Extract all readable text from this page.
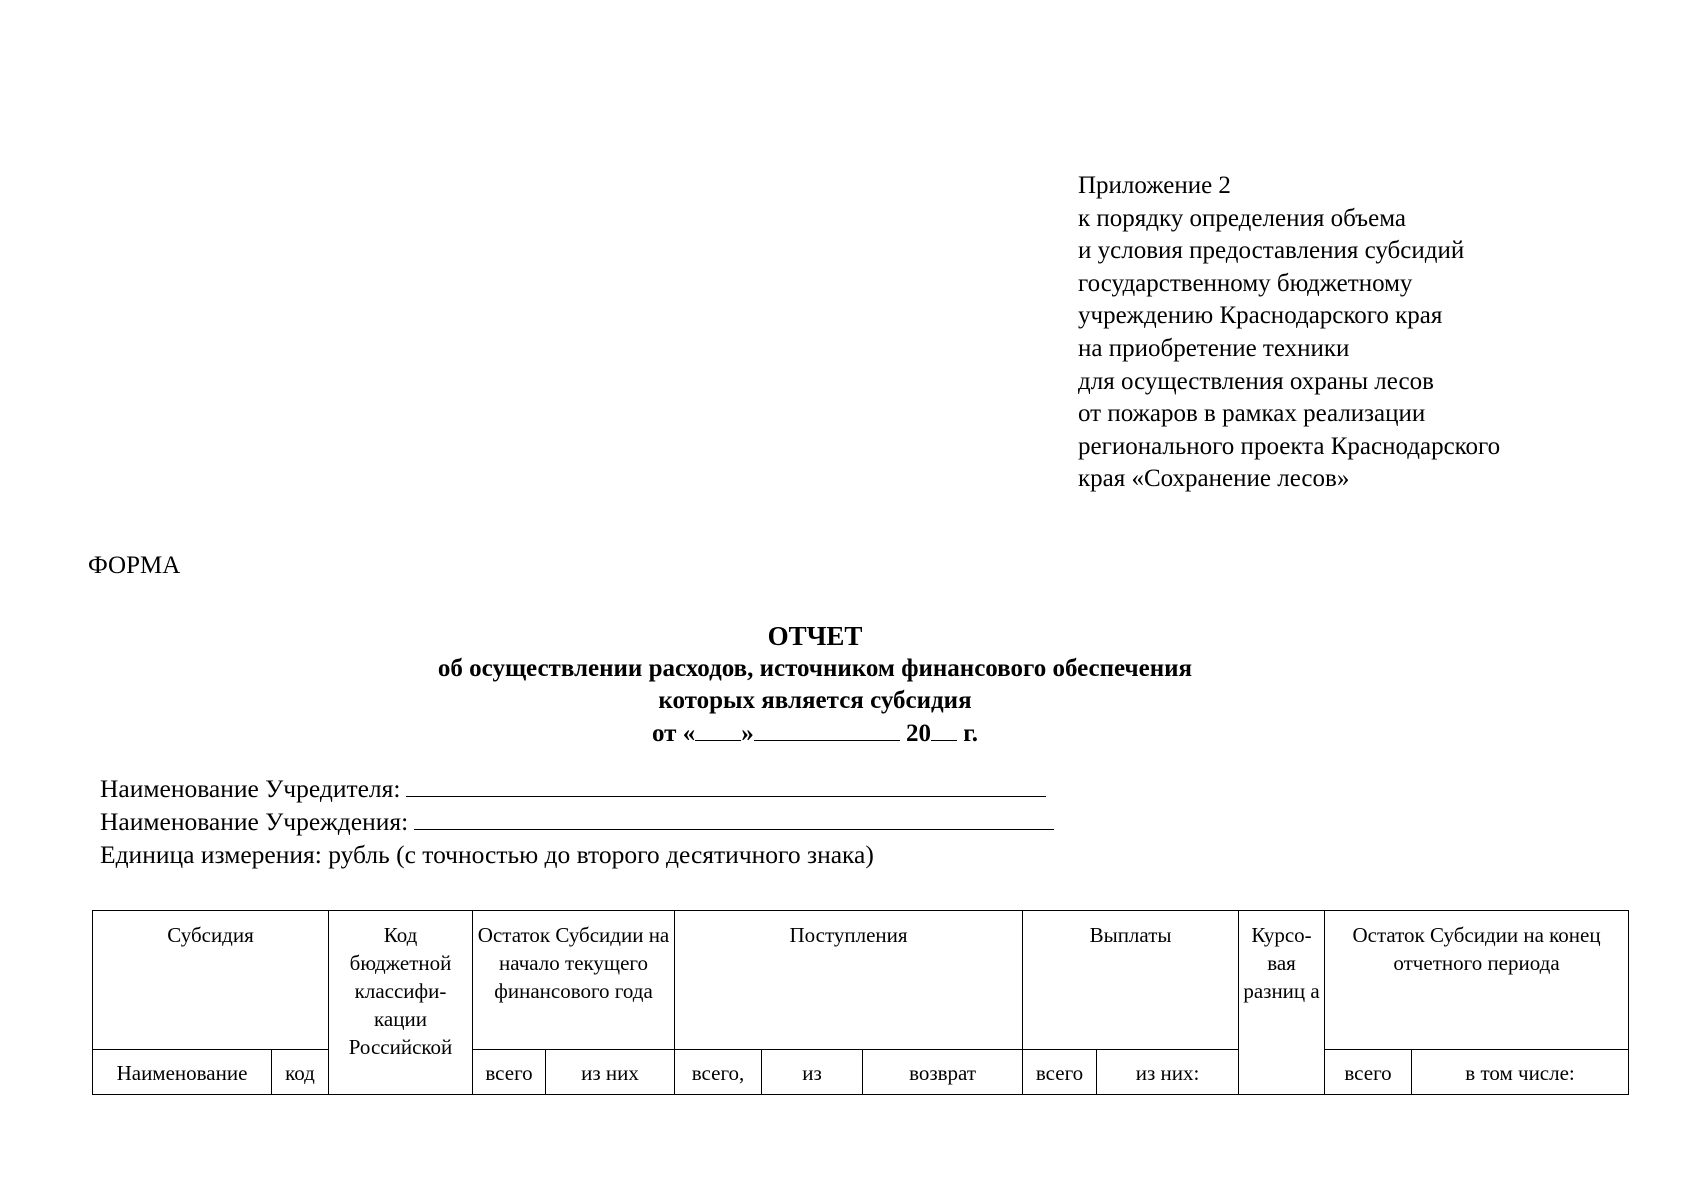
Приложение 2
к порядку определения объема
и условия предоставления субсидий
государственному бюджетному
учреждению Краснодарского края
на приобретение техники
для осуществления охраны лесов
от пожаров в рамках реализации
регионального проекта Краснодарского
края «Сохранение лесов»
ФОРМА
ОТЧЕТ
об осуществлении расходов, источником финансового обеспечения
которых является субсидия
от « »	20 г.
Наименование Учредителя:
Наименование Учреждения:
Единица измерения: рубль (с точностью до второго десятичного знака)
Субсидия		Код бюджетной классифи-кации Российской	Остаток Субсидии на начало текущего финансового года		Поступления			Выплаты		Курсо-вая разниц а	Остаток Субсидии на конец отчетного периода	
Наименование	код		всего	из них	всего,	из	возврат	всего	из них:		всего	в том числе:
